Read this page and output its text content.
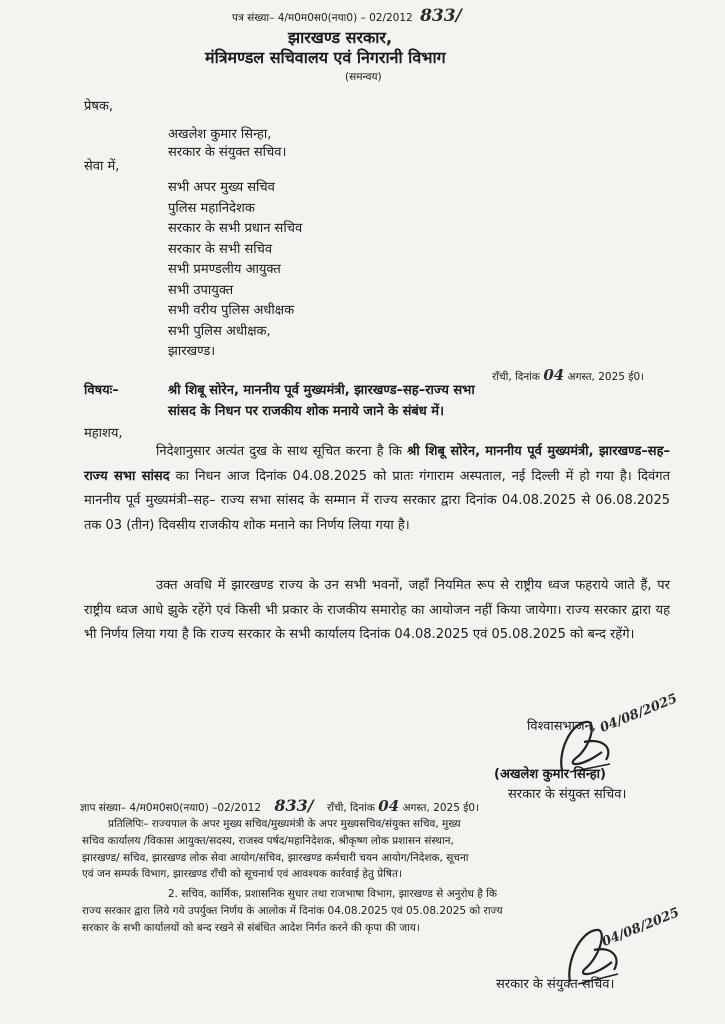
पत्र संख्या– 4/म0म0स0(नया0) – 02/2012 833/
झारखण्ड सरकार,
मंत्रिमण्डल सचिवालय एवं निगरानी विभाग
(समन्वय)
प्रेषक,
अखलेश कुमार सिन्हा,
सरकार के संयुक्त सचिव।
सेवा में,
सभी अपर मुख्य सचिव
पुलिस महानिदेशक
सरकार के सभी प्रधान सचिव
सरकार के सभी सचिव
सभी प्रमण्डलीय आयुक्त
सभी उपायुक्त
सभी वरीय पुलिस अधीक्षक
सभी पुलिस अधीक्षक,
झारखण्ड।
राँची, दिनांक 04 अगस्त, 2025 ई0।
विषयः–	श्री शिबू सोरेन, माननीय पूर्व मुख्यमंत्री, झारखण्ड–सह–राज्य सभा
सांसद के निधन पर राजकीय शोक मनाये जाने के संबंध में।
महाशय,
निदेशानुसार अत्यंत दुख के साथ सूचित करना है कि श्री शिबू सोरेन, माननीय पूर्व मुख्यमंत्री, झारखण्ड–सह–राज्य सभा सांसद का निधन आज दिनांक 04.08.2025 को प्रातः गंगाराम अस्पताल, नई दिल्ली में हो गया है। दिवंगत माननीय पूर्व मुख्यमंत्री–सह– राज्य सभा सांसद के सम्मान में राज्य सरकार द्वारा दिनांक 04.08.2025 से 06.08.2025 तक 03 (तीन) दिवसीय राजकीय शोक मनाने का निर्णय लिया गया है।
उक्त अवधि में झारखण्ड राज्य के उन सभी भवनों, जहाँ नियमित रूप से राष्ट्रीय ध्वज फहराये जाते हैं, पर राष्ट्रीय ध्वज आधे झुके रहेंगे एवं किसी भी प्रकार के राजकीय समारोह का आयोजन नहीं किया जायेगा। राज्य सरकार द्वारा यह भी निर्णय लिया गया है कि राज्य सरकार के सभी कार्यालय दिनांक 04.08.2025 एवं 05.08.2025 को बन्द रहेंगे।
विश्वासभाजन, 04/08/2025
(अखलेश कुमार सिन्हा)
सरकार के संयुक्त सचिव।
ज्ञाप संख्या– 4/म0म0स0(नया0) –02/2012 833/ राँची, दिनांक 04 अगस्त, 2025 ई0।
प्रतिलिपिः– राज्यपाल के अपर मुख्य सचिव/मुख्यमंत्री के अपर मुख्यसचिव/संयुक्त सचिव, मुख्य
सचिव कार्यालय /विकास आयुक्त/सदस्य, राजस्व पर्षद/महानिदेशक, श्रीकृष्ण लोक प्रशासन संस्थान,
झारखण्ड/ सचिव, झारखण्ड लोक सेवा आयोग/सचिव, झारखण्ड कर्मचारी चयन आयोग/निदेशक, सूचना
एवं जन सम्पर्क विभाग, झारखण्ड राँची को सूचनार्थ एवं आवश्यक कार्रवाई हेतु प्रेषित।
2. सचिव, कार्मिक, प्रशासनिक सुधार तथा राजभाषा विभाग, झारखण्ड से अनुरोध है कि
राज्य सरकार द्वारा लिये गये उपर्युक्त निर्णय के आलोक में दिनांक 04.08.2025 एवं 05.08.2025 को राज्य
सरकार के सभी कार्यालयों को बन्द रखने से संबंधित आदेश निर्गत करने की कृपा की जाय।	04/08/2025
सरकार के संयुक्त सचिव।
